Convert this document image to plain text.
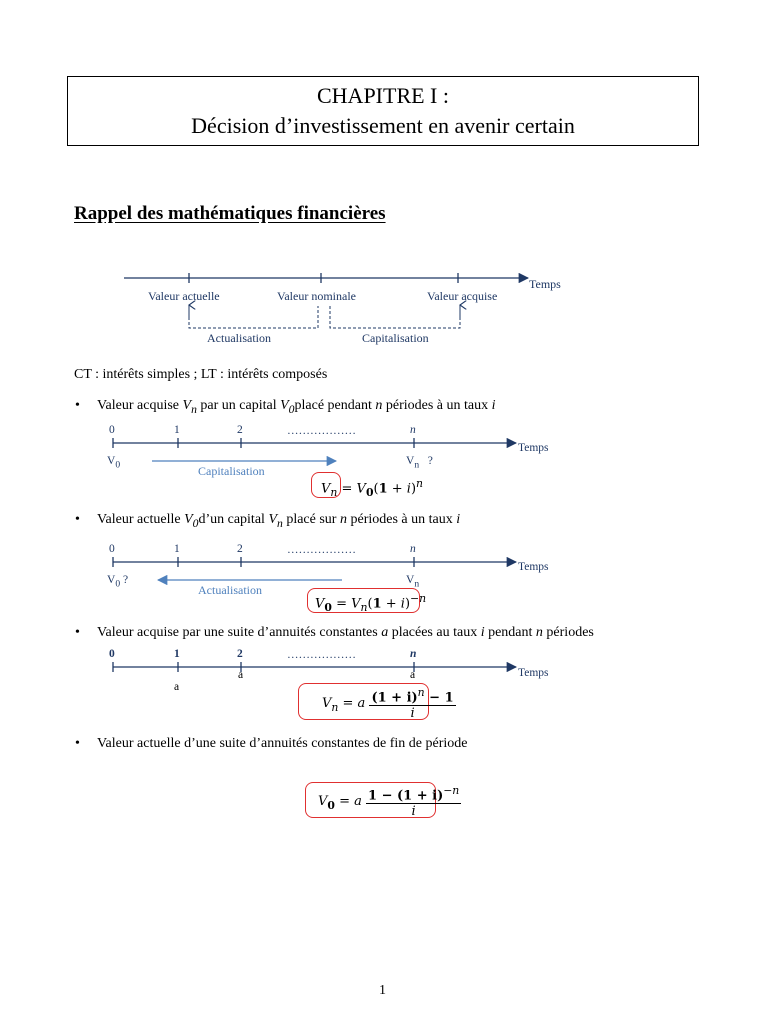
CHAPITRE I :
Décision d’investissement en avenir certain
Rappel des mathématiques financières
Temps
Valeur actuelle	Valeur nominale	Valeur acquise
Actualisation	Capitalisation
CT : intérêts simples ; LT : intérêts composés
• Valeur acquise $V_n$ par un capital $V_0placé$ pendant n périodes à un taux i
0	1	2	………………	n
Temps
$V_0$	$V_n$ ?
Capitalisation
$V_n = V_0(1 + i)^n$
• Valeur actuelle $V_0d’un$ capital $V_n$ placé sur n périodes à un taux i
0	1	2	………………	n
Temps
$V_0$ ?	$V_n$
Actualisation
$V_0 = V_n(1 + i)^{-n}$
• Valeur acquise par une suite d’annuités constantes a placées au taux i pendant n périodes
0	1	2	………………	n
Temps
a
a	a
$V_n = a \frac{(1 + i)^n - 1}{i}$
• Valeur actuelle d’une suite d’annuités constantes de fin de période
$V_0 = a \frac{1 - (1 + i)^{-n}}{i}$
1
